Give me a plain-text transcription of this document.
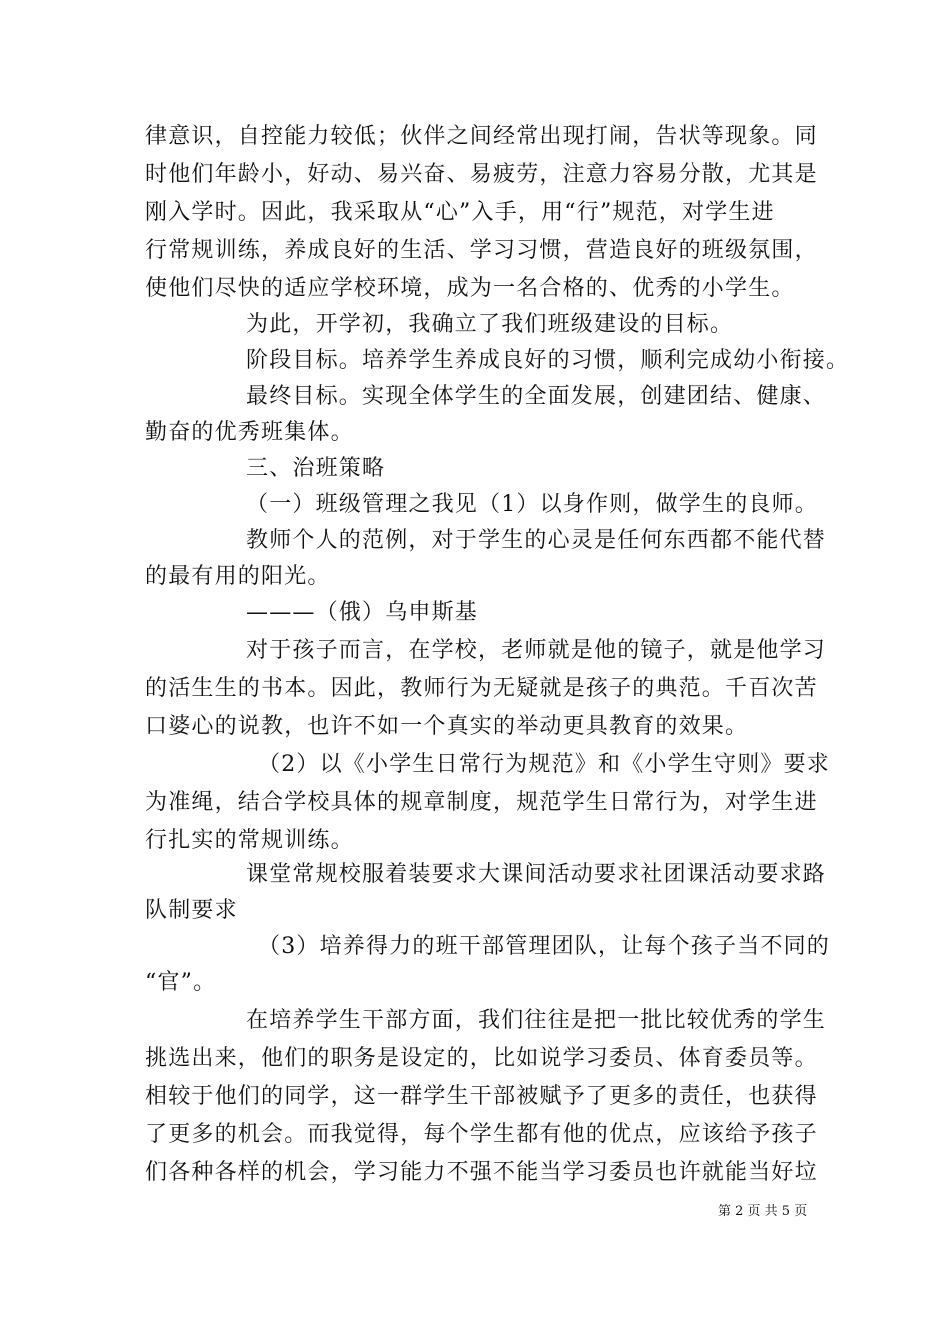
律意识，自控能力较低；伙伴之间经常出现打闹，告状等现象。同
时他们年龄小，好动、易兴奋、易疲劳，注意力容易分散，尤其是
刚入学时。因此，我采取从“心”入手，用“行”规范，对学生进
行常规训练，养成良好的生活、学习习惯，营造良好的班级氛围，
使他们尽快的适应学校环境，成为一名合格的、优秀的小学生。
为此，开学初，我确立了我们班级建设的目标。
阶段目标。培养学生养成良好的习惯，顺利完成幼小衔接。
最终目标。实现全体学生的全面发展，创建团结、健康、
勤奋的优秀班集体。
三、治班策略
（一）班级管理之我见（1）以身作则，做学生的良师。
教师个人的范例，对于学生的心灵是任何东西都不能代替
的最有用的阳光。
———（俄）乌申斯基
对于孩子而言，在学校，老师就是他的镜子，就是他学习
的活生生的书本。因此，教师行为无疑就是孩子的典范。千百次苦
口婆心的说教，也许不如一个真实的举动更具教育的效果。
（2）以《小学生日常行为规范》和《小学生守则》要求
为准绳，结合学校具体的规章制度，规范学生日常行为，对学生进
行扎实的常规训练。
课堂常规校服着装要求大课间活动要求社团课活动要求路
队制要求
（3）培养得力的班干部管理团队，让每个孩子当不同的
“官”。
在培养学生干部方面，我们往往是把一批比较优秀的学生
挑选出来，他们的职务是设定的，比如说学习委员、体育委员等。
相较于他们的同学，这一群学生干部被赋予了更多的责任，也获得
了更多的机会。而我觉得，每个学生都有他的优点，应该给予孩子
们各种各样的机会，学习能力不强不能当学习委员也许就能当好垃
第 2 页 共 5 页
